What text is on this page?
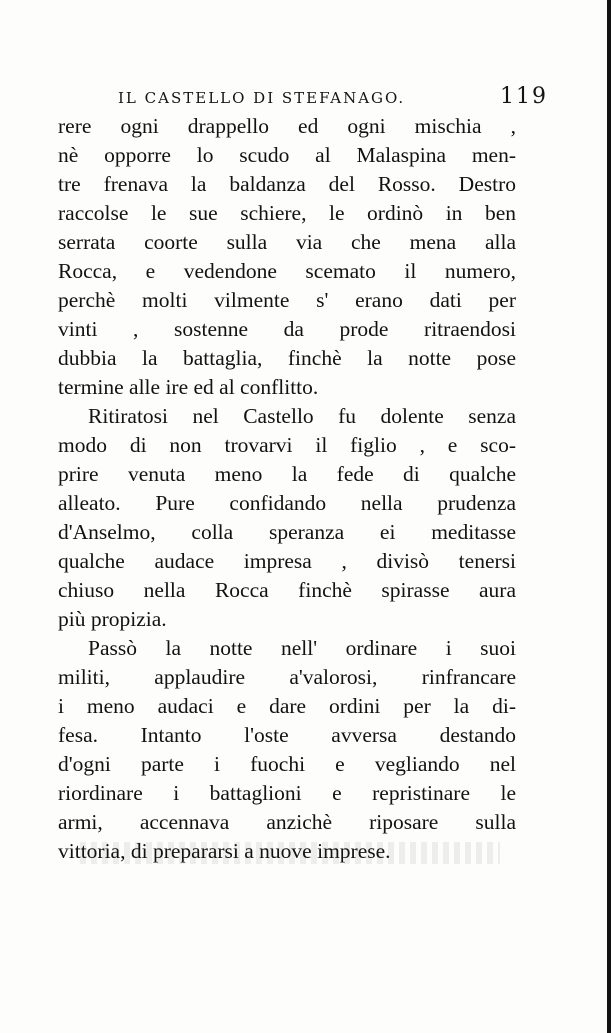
IL CASTELLO DI STEFANAGO.	119
rere ogni drappello ed ogni mischia ,
nè opporre lo scudo al Malaspina men-
tre frenava la baldanza del Rosso. Destro
raccolse le sue schiere, le ordinò in ben
serrata coorte sulla via che mena alla
Rocca, e vedendone scemato il numero,
perchè molti vilmente s' erano dati per
vinti , sostenne da prode ritraendosi
dubbia la battaglia, finchè la notte pose
termine alle ire ed al conflitto.
Ritiratosi nel Castello fu dolente senza
modo di non trovarvi il figlio , e sco-
prire venuta meno la fede di qualche
alleato. Pure confidando nella prudenza
d'Anselmo, colla speranza ei meditasse
qualche audace impresa , divisò tenersi
chiuso nella Rocca finchè spirasse aura
più propizia.
Passò la notte nell' ordinare i suoi
militi, applaudire a'valorosi, rinfrancare
i meno audaci e dare ordini per la di-
fesa. Intanto l'oste avversa destando
d'ogni parte i fuochi e vegliando nel
riordinare i battaglioni e repristinare le
armi, accennava anzichè riposare sulla
vittoria, di prepararsi a nuove imprese.
